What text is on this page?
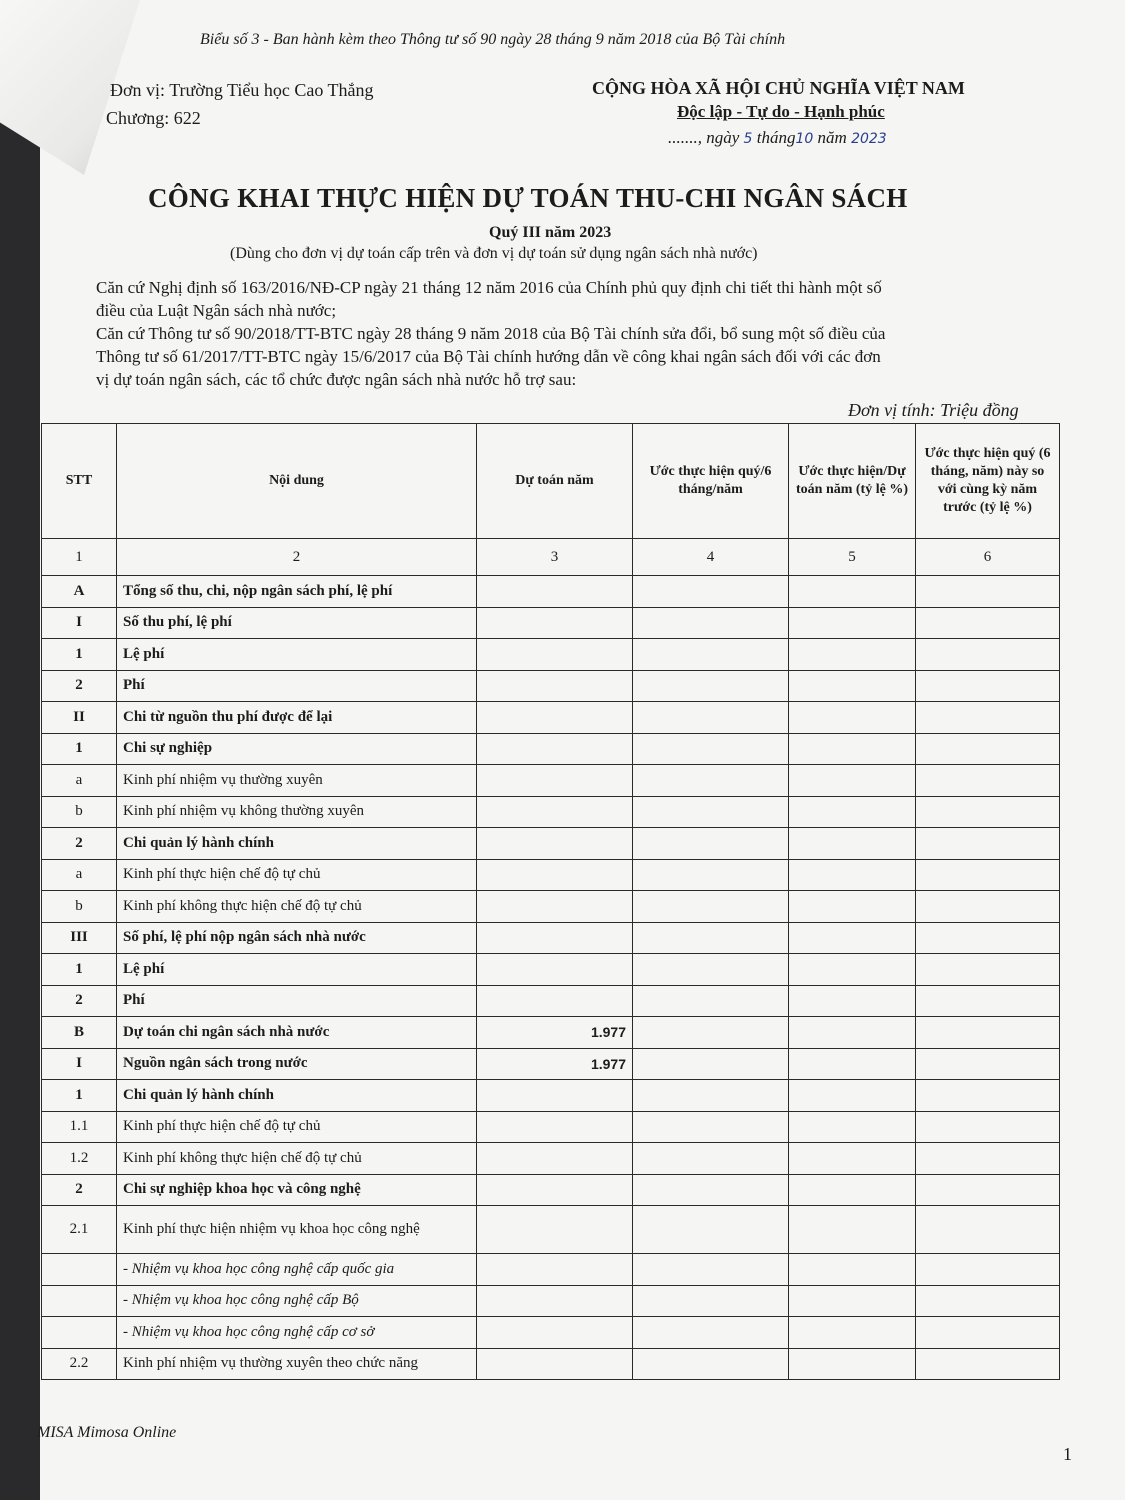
Biểu số 3 - Ban hành kèm theo Thông tư số 90 ngày 28 tháng 9 năm 2018 của Bộ Tài chính
Đơn vị: Trường Tiểu học Cao Thắng
Chương: 622
CỘNG HÒA XÃ HỘI CHỦ NGHĨA VIỆT NAM
Độc lập - Tự do - Hạnh phúc
......., ngày 5 tháng10 năm 2023
CÔNG KHAI THỰC HIỆN DỰ TOÁN THU-CHI NGÂN SÁCH
Quý III năm 2023
(Dùng cho đơn vị dự toán cấp trên và đơn vị dự toán sử dụng ngân sách nhà nước)
Căn cứ Nghị định số 163/2016/NĐ-CP ngày 21 tháng 12 năm 2016 của Chính phủ quy định chi tiết thi hành một số
điều của Luật Ngân sách nhà nước;
Căn cứ Thông tư số 90/2018/TT-BTC ngày 28 tháng 9 năm 2018 của Bộ Tài chính sửa đổi, bổ sung một số điều của
Thông tư số 61/2017/TT-BTC ngày 15/6/2017 của Bộ Tài chính hướng dẫn về công khai ngân sách đối với các đơn
vị dự toán ngân sách, các tổ chức được ngân sách nhà nước hỗ trợ sau:
Đơn vị tính: Triệu đồng
STT	Nội dung	Dự toán năm	Ước thực hiện quý/6 tháng/năm	Ước thực hiện/Dự toán năm (tỷ lệ %)	Ước thực hiện quý (6 tháng, năm) này so với cùng kỳ năm trước (tỷ lệ %)
1	2	3	4	5	6
A	Tổng số thu, chi, nộp ngân sách phí, lệ phí				
I	Số thu phí, lệ phí				
1	Lệ phí				
2	Phí				
II	Chi từ nguồn thu phí được để lại				
1	Chi sự nghiệp				
a	Kinh phí nhiệm vụ thường xuyên				
b	Kinh phí nhiệm vụ không thường xuyên				
2	Chi quản lý hành chính				
a	Kinh phí thực hiện chế độ tự chủ				
b	Kinh phí không thực hiện chế độ tự chủ				
III	Số phí, lệ phí nộp ngân sách nhà nước				
1	Lệ phí				
2	Phí				
B	Dự toán chi ngân sách nhà nước	1.977			
I	Nguồn ngân sách trong nước	1.977			
1	Chi quản lý hành chính				
1.1	Kinh phí thực hiện chế độ tự chủ				
1.2	Kinh phí không thực hiện chế độ tự chủ				
2	Chi sự nghiệp khoa học và công nghệ				
2.1	Kinh phí thực hiện nhiệm vụ khoa học công nghệ				
	- Nhiệm vụ khoa học công nghệ cấp quốc gia				
	- Nhiệm vụ khoa học công nghệ cấp Bộ				
	- Nhiệm vụ khoa học công nghệ cấp cơ sở				
2.2	Kinh phí nhiệm vụ thường xuyên theo chức năng				
MISA Mimosa Online
1
